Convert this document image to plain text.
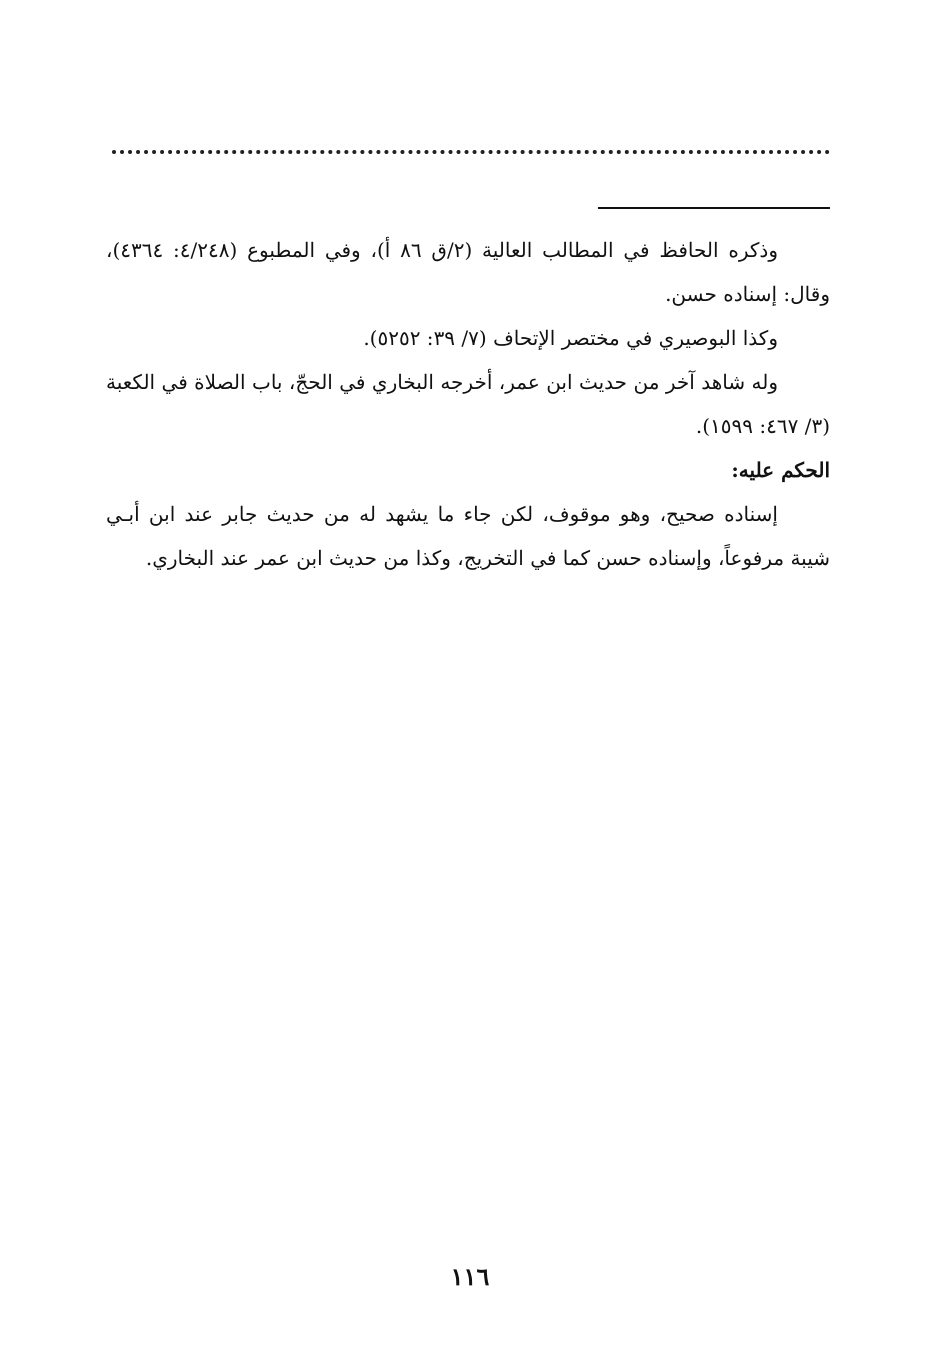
وذكره الحافظ في المطالب العالية (٢/ق ٨٦ أ)، وفي المطبوع (٤/٢٤٨: ٤٣٦٤)، وقال: إسناده حسن.

وكذا البوصيري في مختصر الإتحاف (٧/ ٣٩: ٥٢٥٢).

وله شاهد آخر من حديث ابن عمر، أخرجه البخاري في الحجّ، باب الصلاة في الكعبة (٣/ ٤٦٧: ١٥٩٩).

الحكم عليه:

إسناده صحيح، وهو موقوف، لكن جاء ما يشهد له من حديث جابر عند ابن أبـي شيبة مرفوعاً، وإسناده حسن كما في التخريج، وكذا من حديث ابن عمر عند البخاري.

١١٦
